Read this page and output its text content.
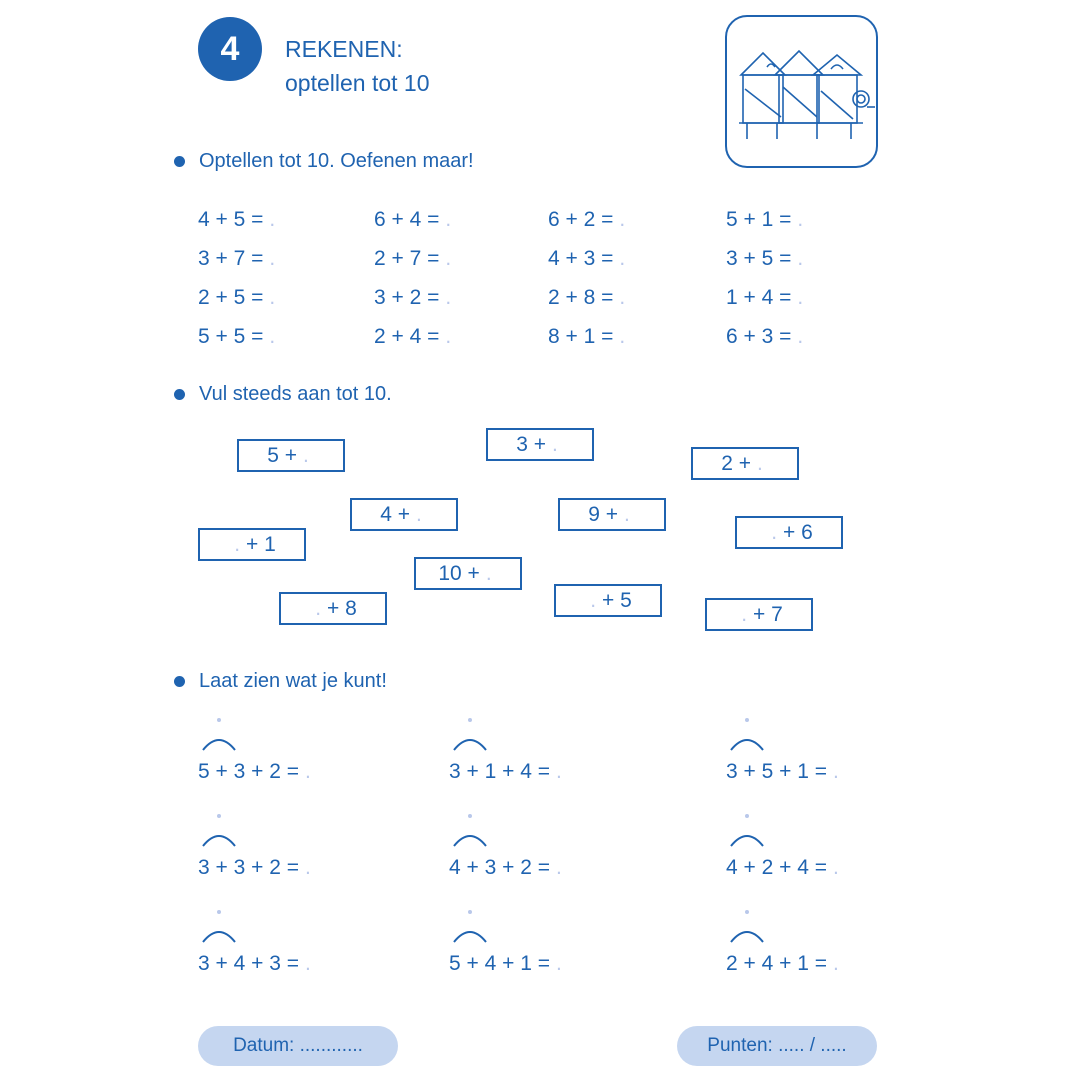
4	REKENEN:
optellen tot 10
Optellen tot 10. Oefenen maar!
4 + 5 = .	6 + 4 = .	6 + 2 = .	5 + 1 = .
3 + 7 = .	2 + 7 = .	4 + 3 = .	3 + 5 = .
2 + 5 = .	3 + 2 = .	2 + 8 = .	1 + 4 = .
5 + 5 = .	2 + 4 = .	8 + 1 = .	6 + 3 = .
Vul steeds aan tot 10.
5 + .	3 + .
2 + .
4 + .	9 + .
. + 1
. + 6
10 + .
. + 8	. + 5
. + 7
Laat zien wat je kunt!
5 + 3 + 2 = .	3 + 1 + 4 = .	3 + 5 + 1 = .
3 + 3 + 2 = .	4 + 3 + 2 = .	4 + 2 + 4 = .
3 + 4 + 3 = .	5 + 4 + 1 = .	2 + 4 + 1 = .
Datum: ............	Punten: ..... / .....
